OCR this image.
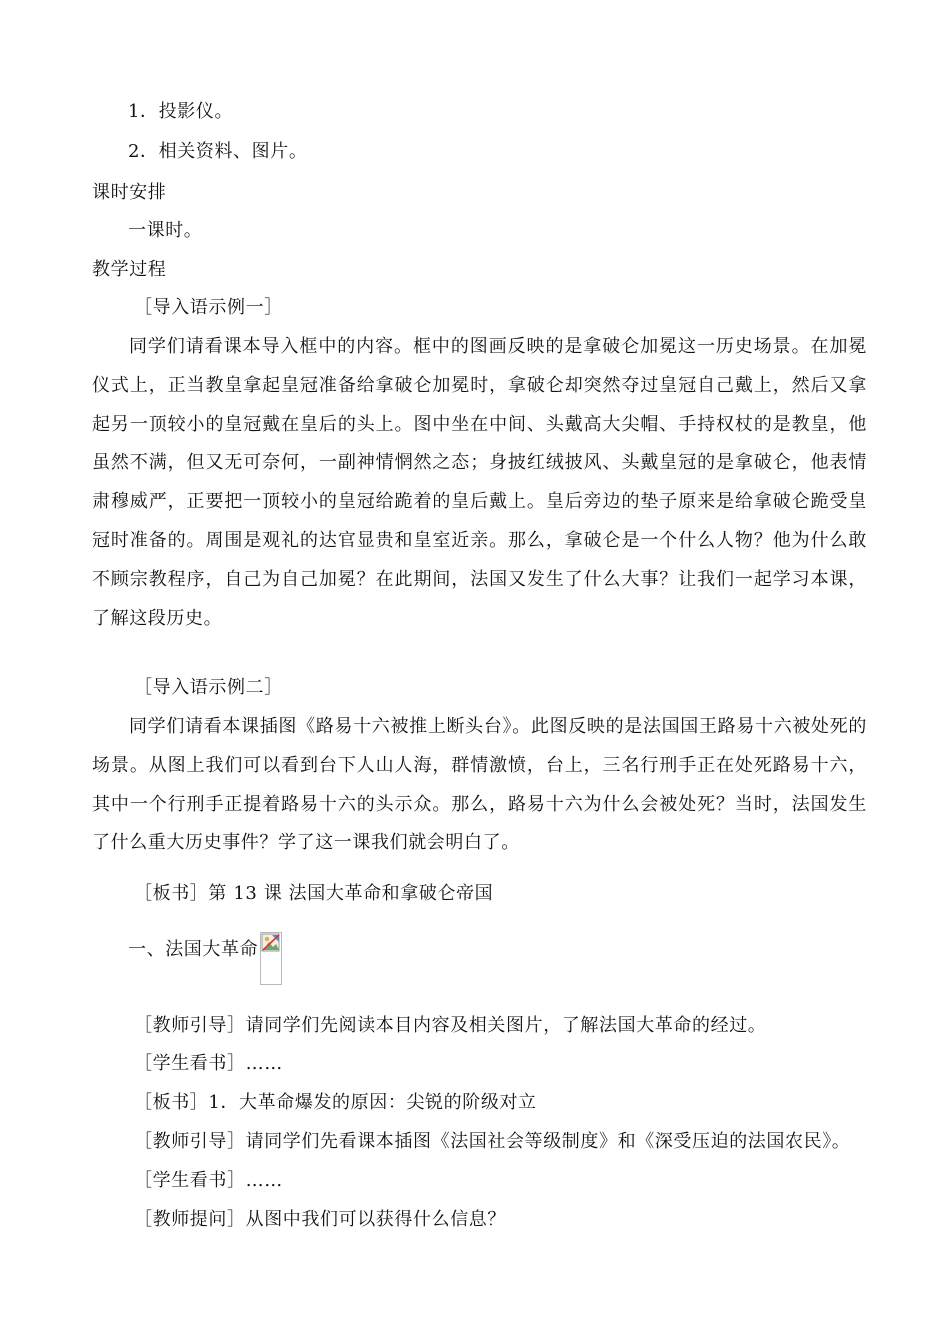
1．投影仪。
2．相关资料、图片。
课时安排
一课时。
教学过程
［导入语示例一］

同学们请看课本导入框中的内容。框中的图画反映的是拿破仑加冕这一历史场景。在加冕仪式上，正当教皇拿起皇冠准备给拿破仑加冕时，拿破仑却突然夺过皇冠自己戴上，然后又拿起另一顶较小的皇冠戴在皇后的头上。图中坐在中间、头戴高大尖帽、手持权杖的是教皇，他虽然不满，但又无可奈何，一副神情惘然之态；身披红绒披风、头戴皇冠的是拿破仑，他表情肃穆威严，正要把一顶较小的皇冠给跪着的皇后戴上。皇后旁边的垫子原来是给拿破仑跪受皇冠时准备的。周围是观礼的达官显贵和皇室近亲。那么，拿破仑是一个什么人物？他为什么敢不顾宗教程序，自己为自己加冕？在此期间，法国又发生了什么大事？让我们一起学习本课，了解这段历史。

［导入语示例二］

同学们请看本课插图《路易十六被推上断头台》。此图反映的是法国国王路易十六被处死的场景。从图上我们可以看到台下人山人海，群情激愤，台上，三名行刑手正在处死路易十六，其中一个行刑手正提着路易十六的头示众。那么，路易十六为什么会被处死？当时，法国发生了什么重大历史事件？学了这一课我们就会明白了。

［板书］第 13 课 法国大革命和拿破仑帝国
一、法国大革命
［教师引导］请同学们先阅读本目内容及相关图片，了解法国大革命的经过。
［学生看书］……
［板书］1．大革命爆发的原因：尖锐的阶级对立
［教师引导］请同学们先看课本插图《法国社会等级制度》和《深受压迫的法国农民》。
［学生看书］……
［教师提问］从图中我们可以获得什么信息？
